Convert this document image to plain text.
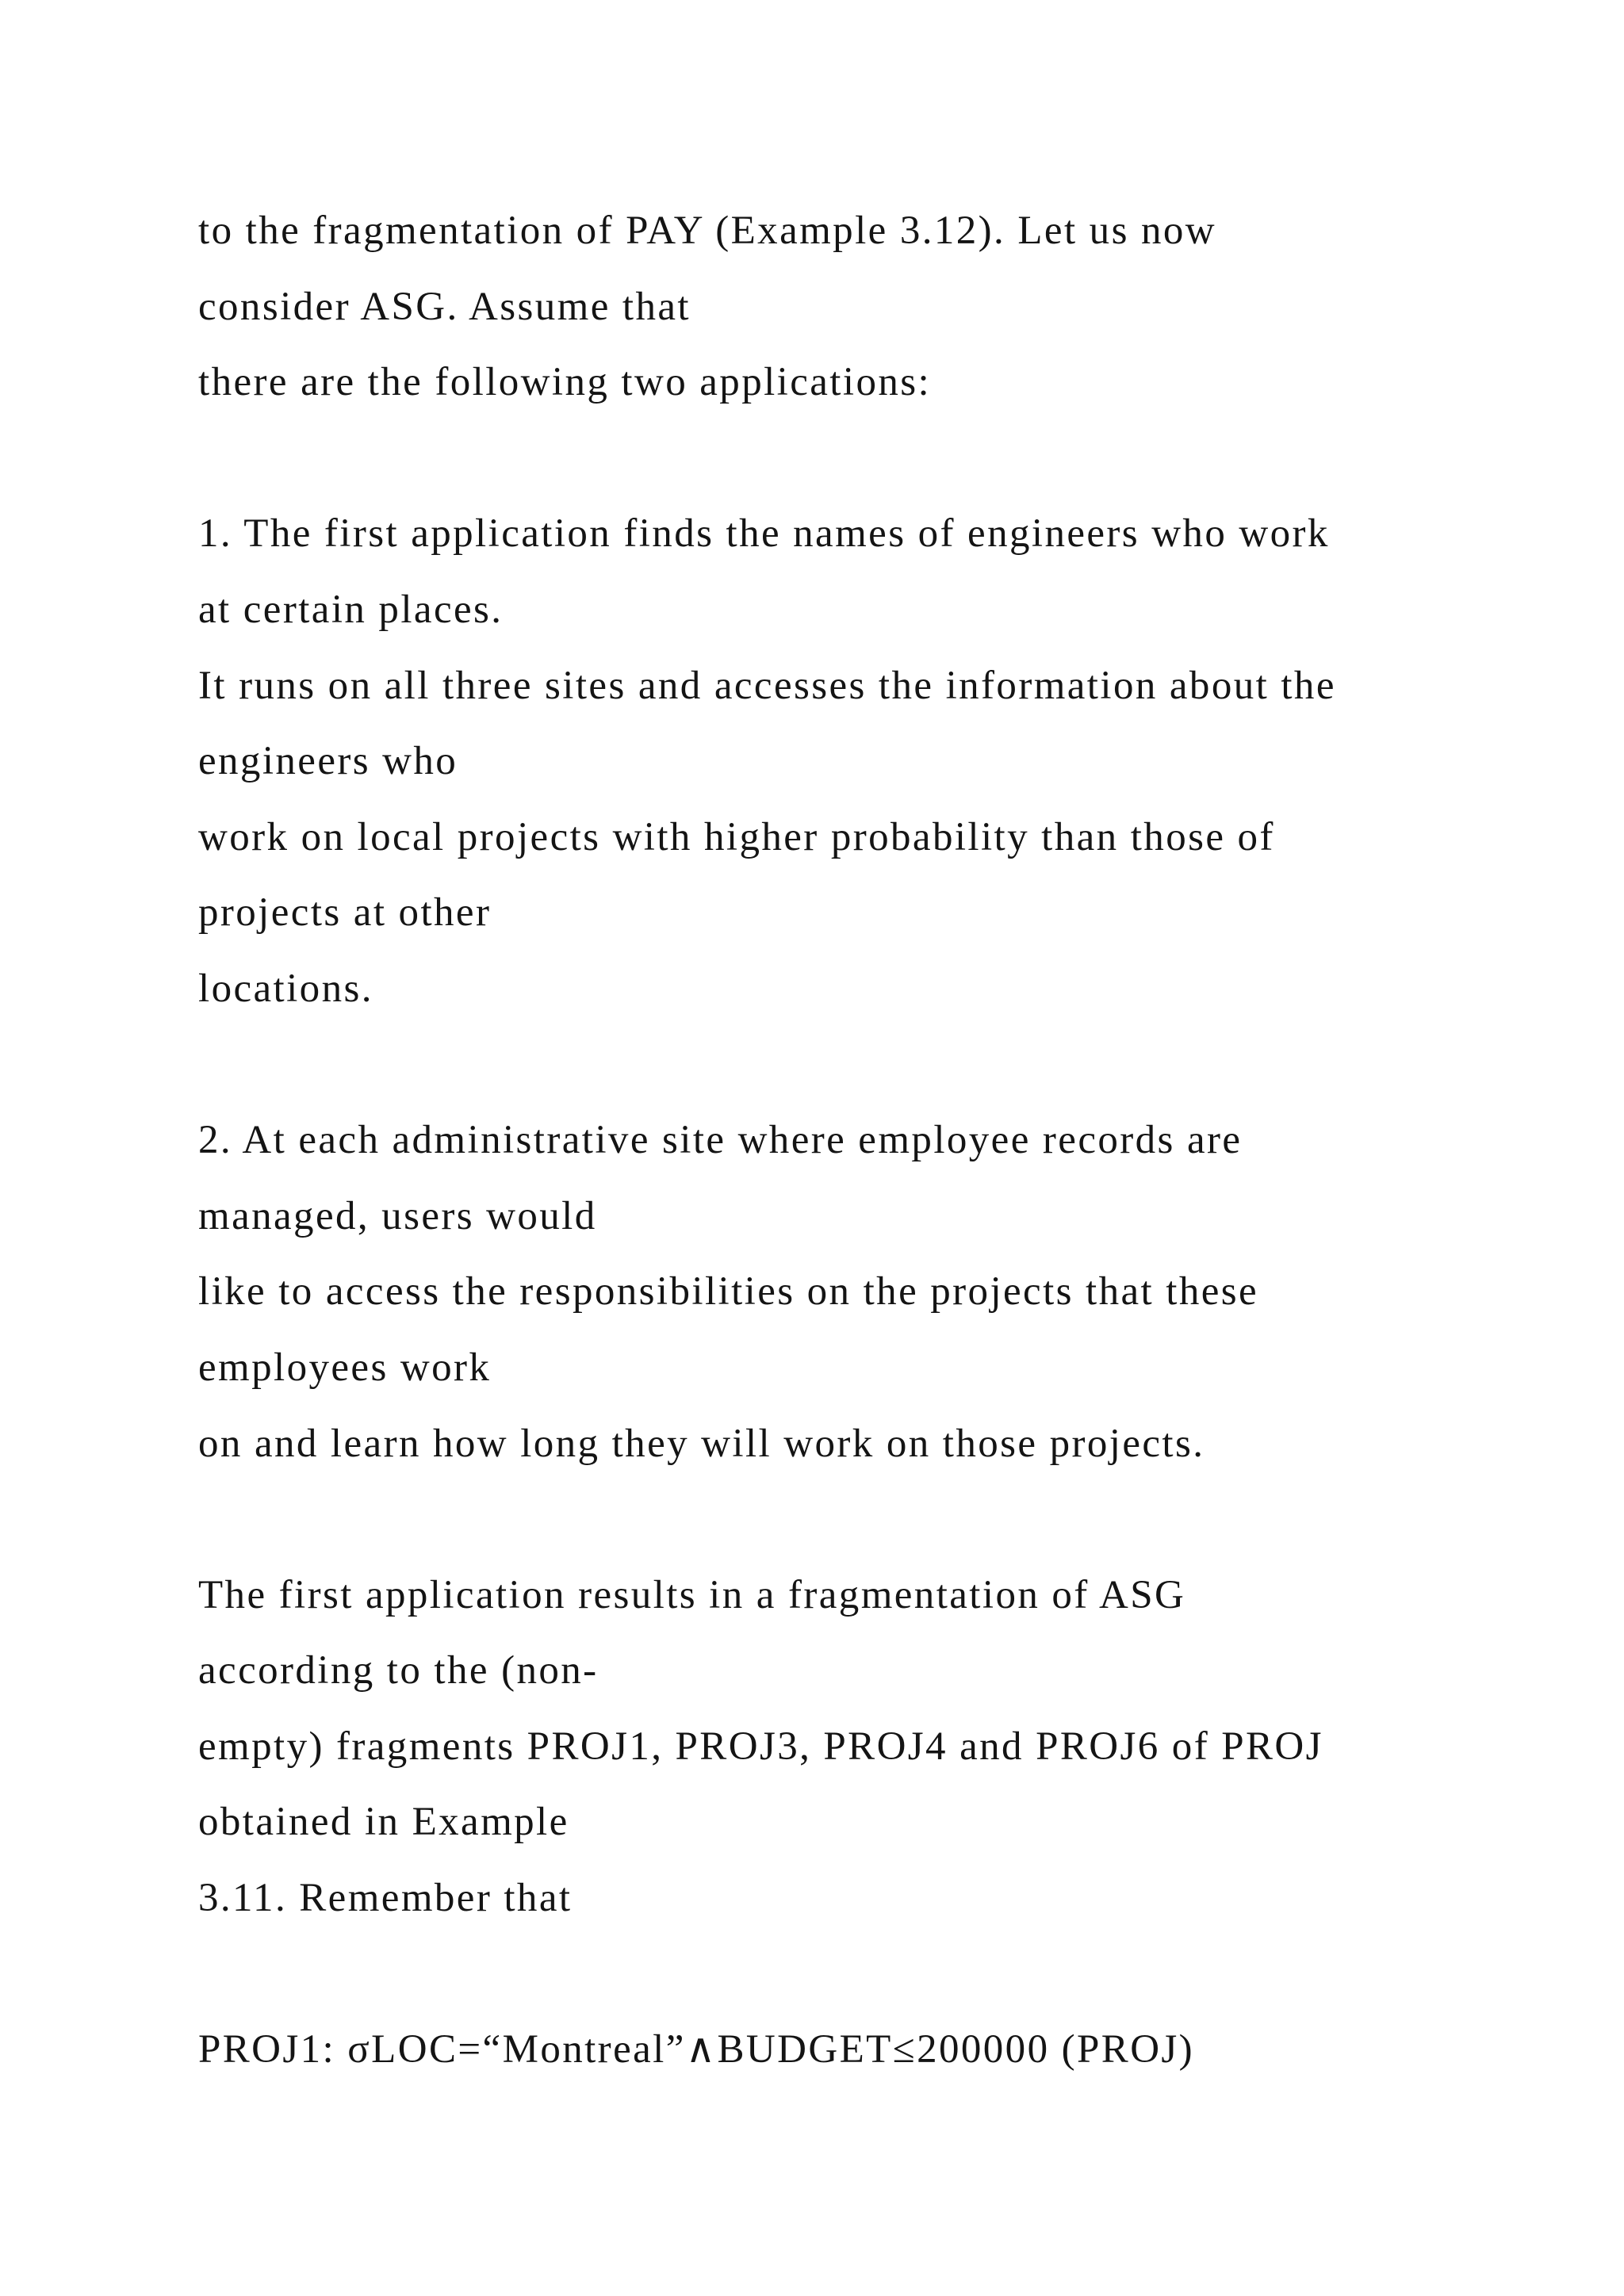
to the fragmentation of PAY (Example 3.12). Let us now
consider ASG. Assume that
there are the following two applications:
1. The first application finds the names of engineers who work
at certain places.
It runs on all three sites and accesses the information about the
engineers who
work on local projects with higher probability than those of
projects at other
locations.
2. At each administrative site where employee records are
managed, users would
like to access the responsibilities on the projects that these
employees work
on and learn how long they will work on those projects.
The first application results in a fragmentation of ASG
according to the (non-
empty) fragments PROJ1, PROJ3, PROJ4 and PROJ6 of PROJ
obtained in Example
3.11. Remember that
PROJ1: σLOC=“Montreal”∧BUDGET≤200000 (PROJ)
